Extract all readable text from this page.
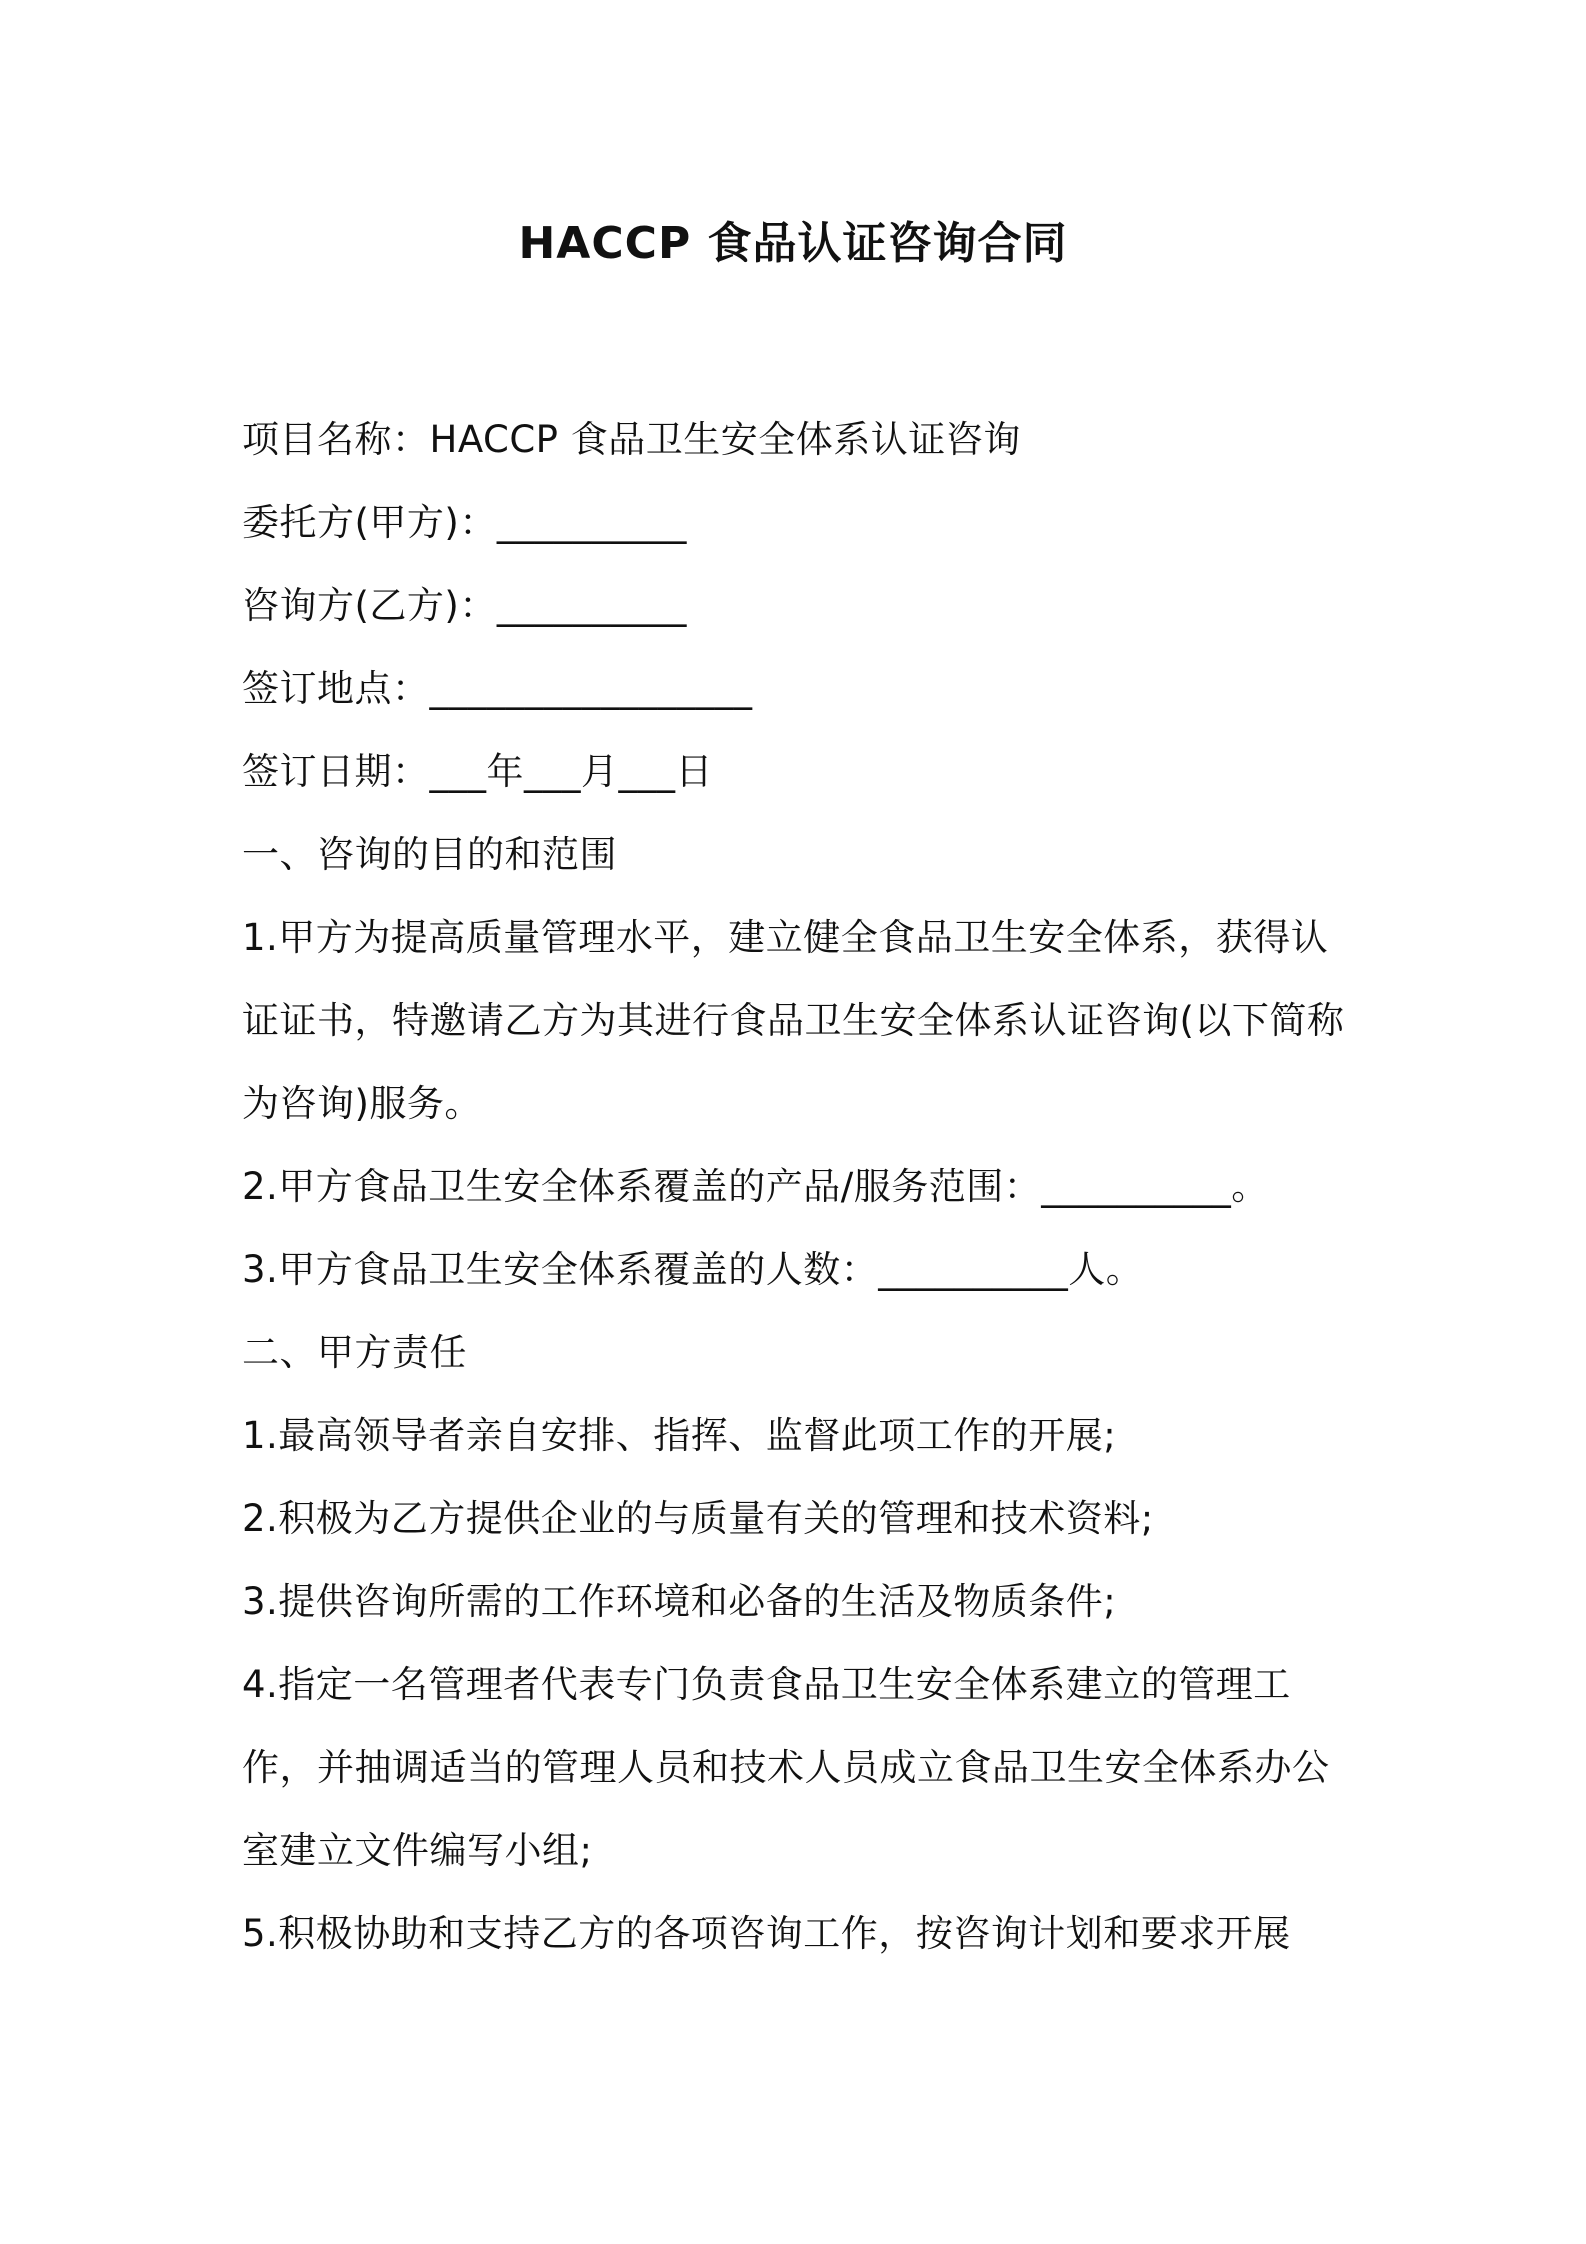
HACCP 食品认证咨询合同
项目名称：HACCP 食品卫生安全体系认证咨询
委托方(甲方)：__________
咨询方(乙方)：__________
签订地点：_________________
签订日期：___年___月___日
一、咨询的目的和范围
1.甲方为提高质量管理水平，建立健全食品卫生安全体系，获得认证证书，特邀请乙方为其进行食品卫生安全体系认证咨询(以下简称为咨询)服务。
2.甲方食品卫生安全体系覆盖的产品/服务范围：__________。
3.甲方食品卫生安全体系覆盖的人数：__________人。
二、甲方责任
1.最高领导者亲自安排、指挥、监督此项工作的开展;
2.积极为乙方提供企业的与质量有关的管理和技术资料;
3.提供咨询所需的工作环境和必备的生活及物质条件;
4.指定一名管理者代表专门负责食品卫生安全体系建立的管理工作，并抽调适当的管理人员和技术人员成立食品卫生安全体系办公室建立文件编写小组;
5.积极协助和支持乙方的各项咨询工作，按咨询计划和要求开展
